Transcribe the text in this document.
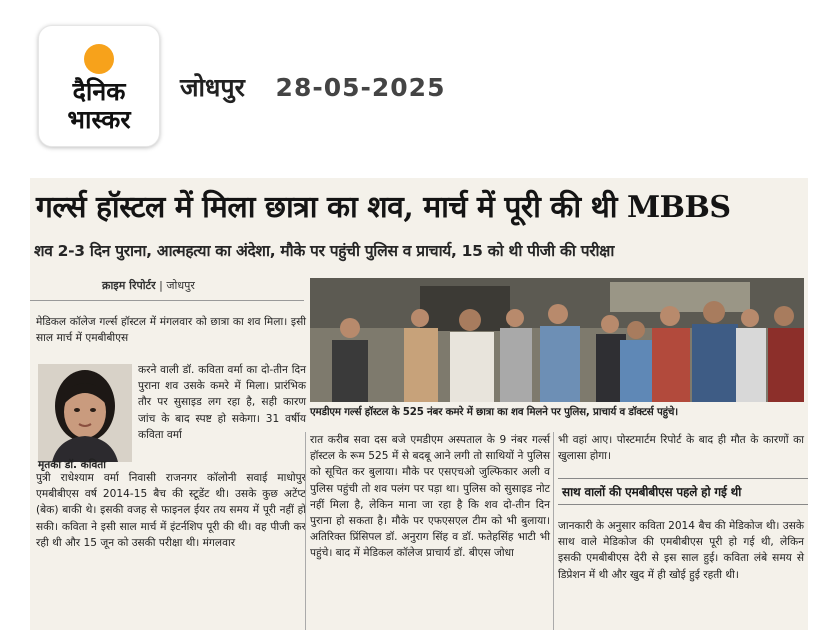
दैनिक
भास्कर
जोधपुर 28-05-2025
गर्ल्स हॉस्टल में मिला छात्रा का शव, मार्च में पूरी की थी MBBS
शव 2-3 दिन पुराना, आत्महत्या का अंदेशा, मौके पर पहुंची पुलिस व प्राचार्य, 15 को थी पीजी की परीक्षा
क्राइम रिपोर्टर | जोधपुर
मेडिकल कॉलेज गर्ल्स हॉस्टल में मंगलवार को छात्रा का शव मिला। इसी साल मार्च में एमबीबीएस
मृतका डॉ. कविता
करने वाली डॉ. कविता वर्मा का दो-तीन दिन पुराना शव उसके कमरे में मिला। प्रारंभिक तौर पर सुसाइड लग रहा है, सही कारण जांच के बाद स्पष्ट हो सकेगा। 31 वर्षीय कविता वर्मा
पुत्री राधेश्याम वर्मा निवासी राजनगर कॉलोनी सवाई माधोपुर एमबीबीएस वर्ष 2014-15 बैच की स्टूडेंट थी। उसके कुछ अटेंप्ट (बेक) बाकी थे। इसकी वजह से फाइनल ईयर तय समय में पूरी नहीं हो सकी। कविता ने इसी साल मार्च में इंटर्नशिप पूरी की थी। वह पीजी कर रही थी और 15 जून को उसकी परीक्षा थी। मंगलवार
एमडीएम गर्ल्स हॉस्टल के 525 नंबर कमरे में छात्रा का शव मिलने पर पुलिस, प्राचार्य व डॉक्टर्स पहुंचे।
रात करीब सवा दस बजे एमडीएम अस्पताल के 9 नंबर गर्ल्स हॉस्टल के रूम 525 में से बदबू आने लगी तो साथियों ने पुलिस को सूचित कर बुलाया। मौके पर एसएचओ जुल्फिकार अली व पुलिस पहुंची तो शव पलंग पर पड़ा था। पुलिस को सुसाइड नोट नहीं मिला है, लेकिन माना जा रहा है कि शव दो-तीन दिन पुराना हो सकता है। मौके पर एफएसएल टीम को भी बुलाया। अतिरिक्त प्रिंसिपल डॉ. अनुराग सिंह व डॉ. फतेहसिंह भाटी भी पहुंचे। बाद में मेडिकल कॉलेज प्राचार्य डॉ. बीएस जोधा
भी वहां आए। पोस्टमार्टम रिपोर्ट के बाद ही मौत के कारणों का खुलासा होगा।
साथ वालों की एमबीबीएस पहले हो गई थी
जानकारी के अनुसार कविता 2014 बैच की मेडिकोज थी। उसके साथ वाले मेडिकोज की एमबीबीएस पूरी हो गई थी, लेकिन इसकी एमबीबीएस देरी से इस साल हुई। कविता लंबे समय से डिप्रेशन में थी और खुद में ही खोई हुई रहती थी।
